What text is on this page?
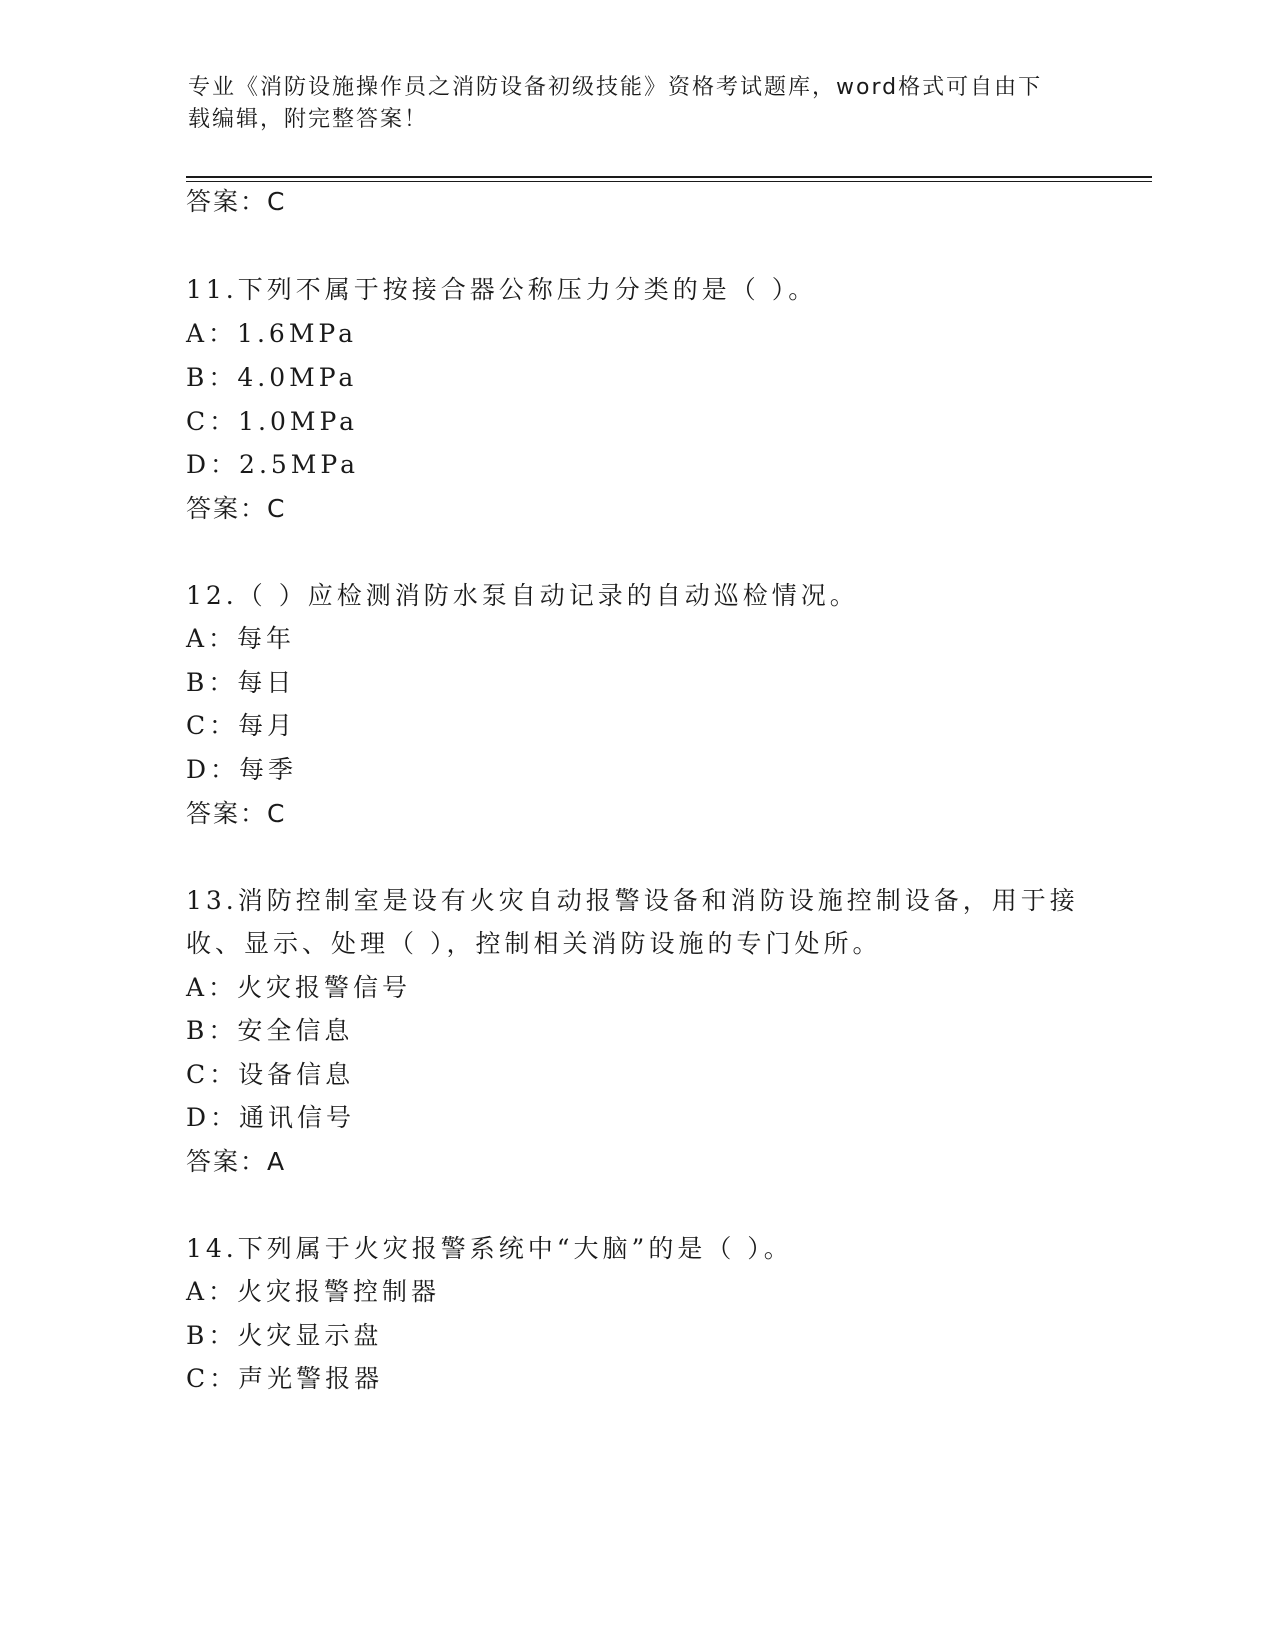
专业《消防设施操作员之消防设备初级技能》资格考试题库，word格式可自由下
载编辑，附完整答案！

答案：C

11.下列不属于按接合器公称压力分类的是（ ）。

A：1.6MPa

B：4.0MPa

C：1.0MPa

D：2.5MPa

答案：C

12.（ ）应检测消防水泵自动记录的自动巡检情况。

A：每年

B：每日

C：每月

D：每季

答案：C

13.消防控制室是设有火灾自动报警设备和消防设施控制设备，用于接

收、显示、处理（ ），控制相关消防设施的专门处所。

A：火灾报警信号

B：安全信息

C：设备信息

D：通讯信号

答案：A

14.下列属于火灾报警系统中“大脑”的是（ ）。

A：火灾报警控制器

B：火灾显示盘

C：声光警报器
